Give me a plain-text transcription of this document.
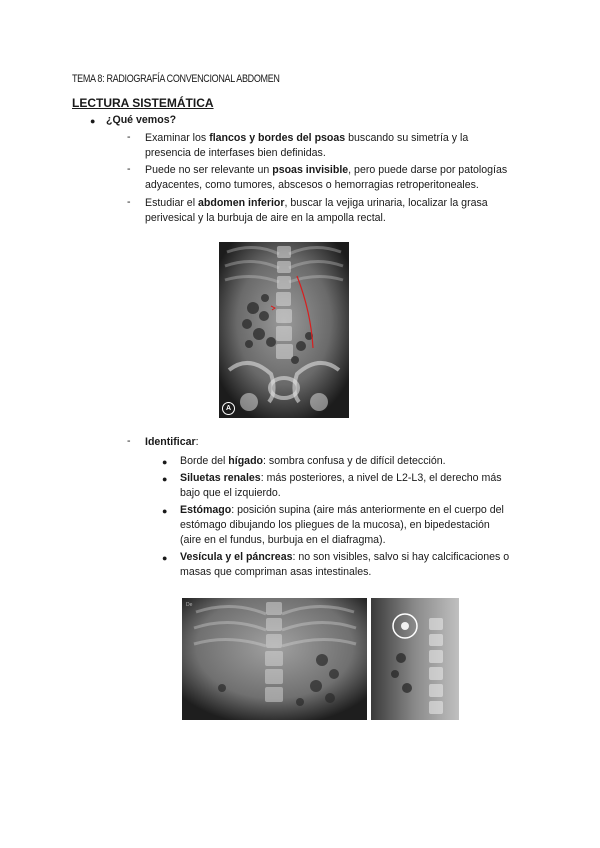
TEMA 8: RADIOGRAFÍA CONVENCIONAL ABDOMEN
LECTURA SISTEMÁTICA
● ¿Qué vemos?
- Examinar los flancos y bordes del psoas buscando su simetría y la
presencia de interfases bien definidas.
- Puede no ser relevante un psoas invisible, pero puede darse por patologías
adyacentes, como tumores, abscesos o hemorragias retroperitoneales.
- Estudiar el abdomen inferior, buscar la vejiga urinaria, localizar la grasa
perivesical y la burbuja de aire en la ampolla rectal.
A
- Identificar:
● Borde del hígado: sombra confusa y de difícil detección.
● Siluetas renales: más posteriores, a nivel de L2-L3, el derecho más
bajo que el izquierdo.
● Estómago: posición supina (aire más anteriormente en el cuerpo del
estómago dibujando los pliegues de la mucosa), en bipedestación
(aire en el fundus, burbuja en el diafragma).
● Vesícula y el páncreas: no son visibles, salvo si hay calcificaciones o
masas que compriman asas intestinales.
De
